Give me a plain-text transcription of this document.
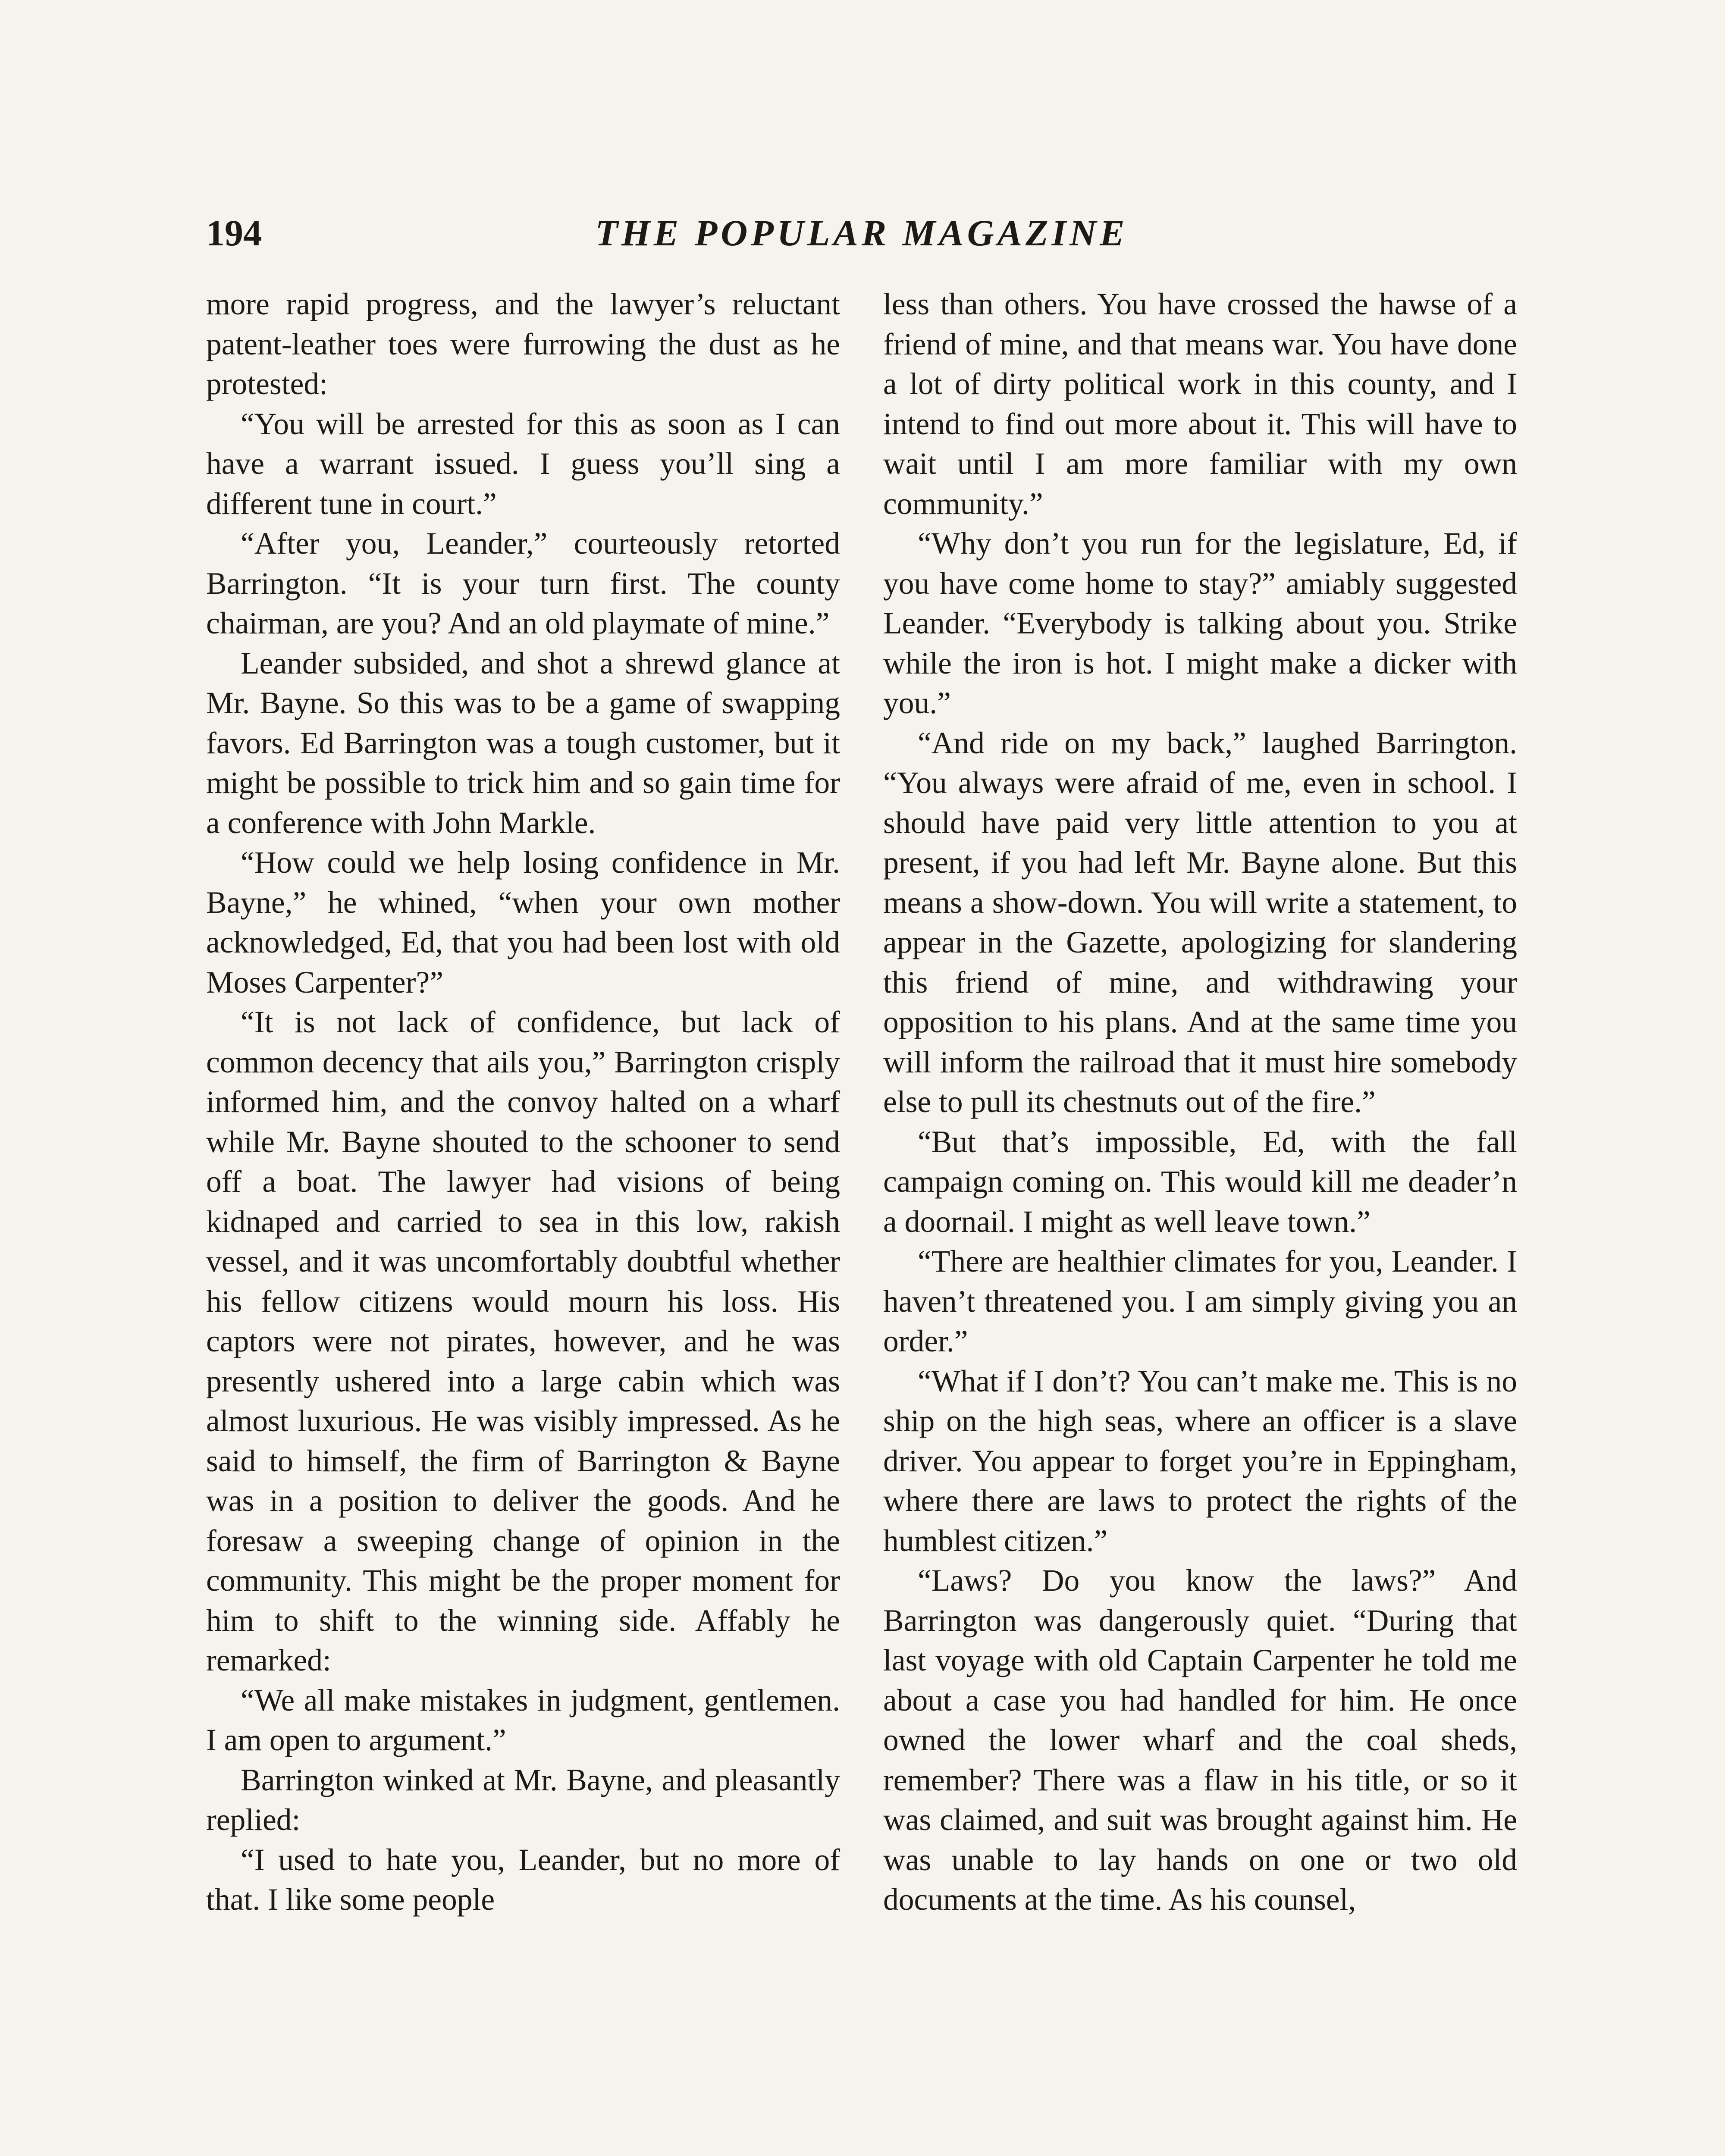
194	THE POPULAR MAGAZINE

more rapid progress, and the lawyer’s reluctant patent-leather toes were furrowing the dust as he protested:

“You will be arrested for this as soon as I can have a warrant issued. I guess you’ll sing a different tune in court.”

“After you, Leander,” courteously retorted Barrington. “It is your turn first. The county chairman, are you? And an old playmate of mine.”

Leander subsided, and shot a shrewd glance at Mr. Bayne. So this was to be a game of swapping favors. Ed Barrington was a tough customer, but it might be possible to trick him and so gain time for a conference with John Markle.

“How could we help losing confidence in Mr. Bayne,” he whined, “when your own mother acknowledged, Ed, that you had been lost with old Moses Carpenter?”

“It is not lack of confidence, but lack of common decency that ails you,” Barrington crisply informed him, and the convoy halted on a wharf while Mr. Bayne shouted to the schooner to send off a boat. The lawyer had visions of being kidnaped and carried to sea in this low, rakish vessel, and it was uncomfortably doubtful whether his fellow citizens would mourn his loss. His captors were not pirates, however, and he was presently ushered into a large cabin which was almost luxurious. He was visibly impressed. As he said to himself, the firm of Barrington & Bayne was in a position to deliver the goods. And he foresaw a sweeping change of opinion in the community. This might be the proper moment for him to shift to the winning side. Affably he remarked:

“We all make mistakes in judgment, gentlemen. I am open to argument.”

Barrington winked at Mr. Bayne, and pleasantly replied:

“I used to hate you, Leander, but no more of that. I like some people

less than others. You have crossed the hawse of a friend of mine, and that means war. You have done a lot of dirty political work in this county, and I intend to find out more about it. This will have to wait until I am more familiar with my own community.”

“Why don’t you run for the legislature, Ed, if you have come home to stay?” amiably suggested Leander. “Everybody is talking about you. Strike while the iron is hot. I might make a dicker with you.”

“And ride on my back,” laughed Barrington. “You always were afraid of me, even in school. I should have paid very little attention to you at present, if you had left Mr. Bayne alone. But this means a show-down. You will write a statement, to appear in the Gazette, apologizing for slandering this friend of mine, and withdrawing your opposition to his plans. And at the same time you will inform the railroad that it must hire somebody else to pull its chestnuts out of the fire.”

“But that’s impossible, Ed, with the fall campaign coming on. This would kill me deader’n a doornail. I might as well leave town.”

“There are healthier climates for you, Leander. I haven’t threatened you. I am simply giving you an order.”

“What if I don’t? You can’t make me. This is no ship on the high seas, where an officer is a slave driver. You appear to forget you’re in Eppingham, where there are laws to protect the rights of the humblest citizen.”

“Laws? Do you know the laws?” And Barrington was dangerously quiet. “During that last voyage with old Captain Carpenter he told me about a case you had handled for him. He once owned the lower wharf and the coal sheds, remember? There was a flaw in his title, or so it was claimed, and suit was brought against him. He was unable to lay hands on one or two old documents at the time. As his counsel,
